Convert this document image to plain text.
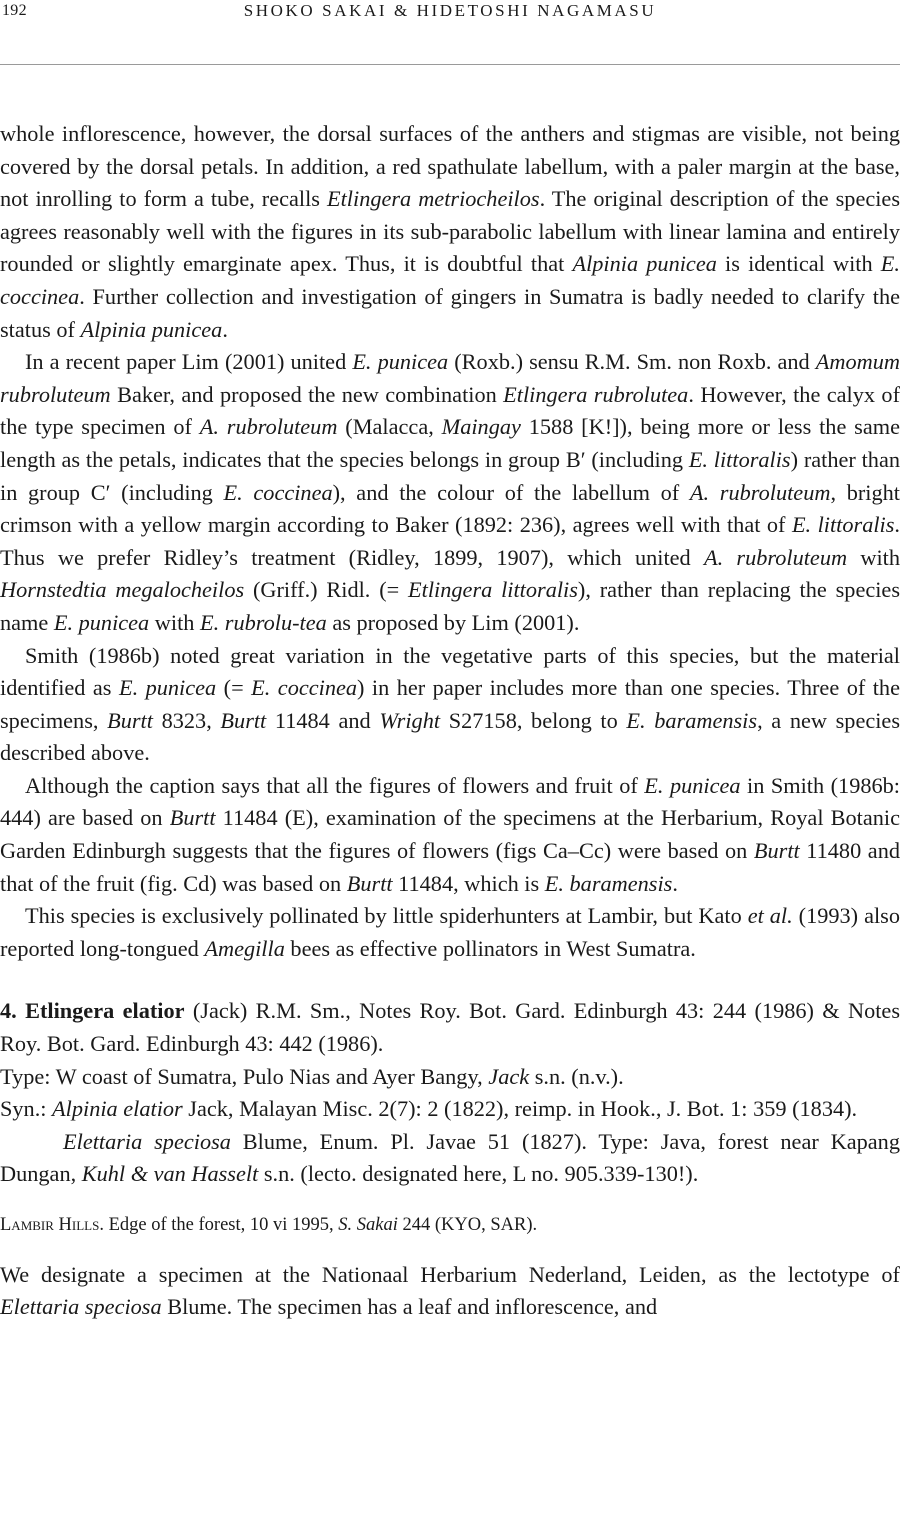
192	SHOKO SAKAI & HIDETOSHI NAGAMASU

whole inflorescence, however, the dorsal surfaces of the anthers and stigmas are visible, not being covered by the dorsal petals. In addition, a red spathulate labellum, with a paler margin at the base, not inrolling to form a tube, recalls Etlingera metriocheilos. The original description of the species agrees reasonably well with the figures in its sub-parabolic labellum with linear lamina and entirely rounded or slightly emarginate apex. Thus, it is doubtful that Alpinia punicea is identical with E. coccinea. Further collection and investigation of gingers in Sumatra is badly needed to clarify the status of Alpinia punicea.

In a recent paper Lim (2001) united E. punicea (Roxb.) sensu R.M. Sm. non Roxb. and Amomum rubroluteum Baker, and proposed the new combination Etlingera rubrolutea. However, the calyx of the type specimen of A. rubroluteum (Malacca, Maingay 1588 [K!]), being more or less the same length as the petals, indicates that the species belongs in group B′ (including E. littoralis) rather than in group C′ (including E. coccinea), and the colour of the labellum of A. rubroluteum, bright crimson with a yellow margin according to Baker (1892: 236), agrees well with that of E. littoralis. Thus we prefer Ridley’s treatment (Ridley, 1899, 1907), which united A. rubroluteum with Hornstedtia megalocheilos (Griff.) Ridl. (= Etlingera littoralis), rather than replacing the species name E. punicea with E. rubrolu-tea as proposed by Lim (2001).

Smith (1986b) noted great variation in the vegetative parts of this species, but the material identified as E. punicea (= E. coccinea) in her paper includes more than one species. Three of the specimens, Burtt 8323, Burtt 11484 and Wright S27158, belong to E. baramensis, a new species described above.

Although the caption says that all the figures of flowers and fruit of E. punicea in Smith (1986b: 444) are based on Burtt 11484 (E), examination of the specimens at the Herbarium, Royal Botanic Garden Edinburgh suggests that the figures of flowers (figs Ca–Cc) were based on Burtt 11480 and that of the fruit (fig. Cd) was based on Burtt 11484, which is E. baramensis.

This species is exclusively pollinated by little spiderhunters at Lambir, but Kato et al. (1993) also reported long-tongued Amegilla bees as effective pollinators in West Sumatra.

4. Etlingera elatior (Jack) R.M. Sm., Notes Roy. Bot. Gard. Edinburgh 43: 244 (1986) & Notes Roy. Bot. Gard. Edinburgh 43: 442 (1986).

Type: W coast of Sumatra, Pulo Nias and Ayer Bangy, Jack s.n. (n.v.).

Syn.: Alpinia elatior Jack, Malayan Misc. 2(7): 2 (1822), reimp. in Hook., J. Bot. 1: 359 (1834).

Elettaria speciosa Blume, Enum. Pl. Javae 51 (1827). Type: Java, forest near Kapang Dungan, Kuhl & van Hasselt s.n. (lecto. designated here, L no. 905.339-130!).

Lambir Hills. Edge of the forest, 10 vi 1995, S. Sakai 244 (KYO, SAR).

We designate a specimen at the Nationaal Herbarium Nederland, Leiden, as the lectotype of Elettaria speciosa Blume. The specimen has a leaf and inflorescence, and
